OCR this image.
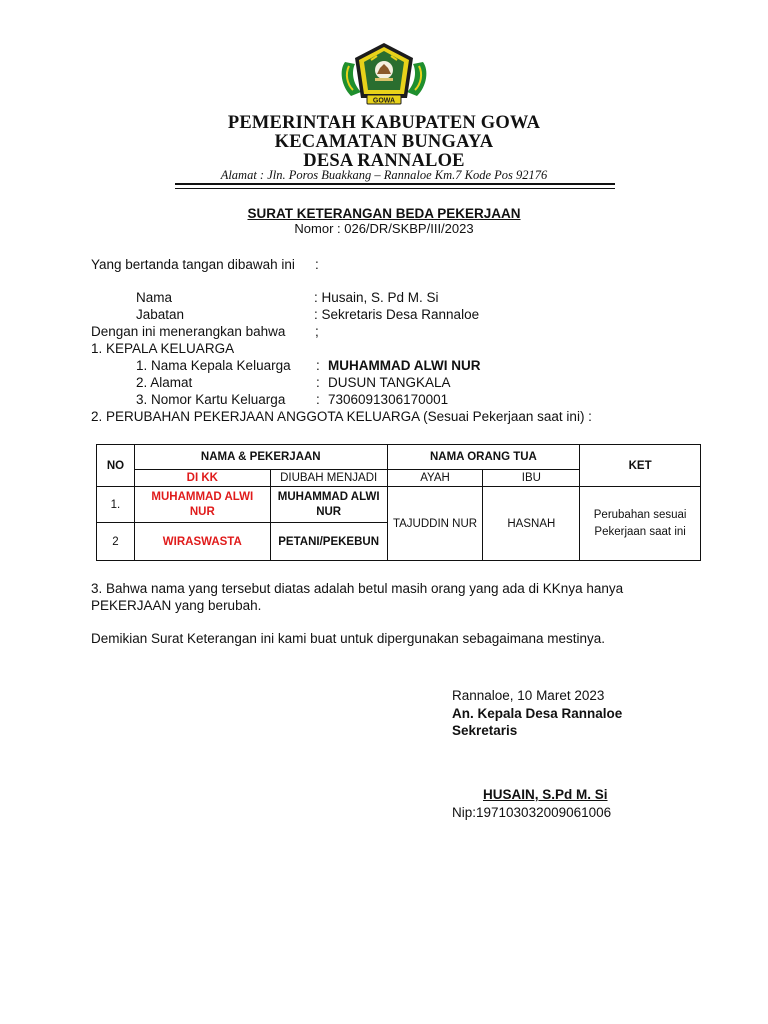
GOWA
PEMERINTAH KABUPATEN GOWA
KECAMATAN BUNGAYA
DESA RANNALOE
Alamat : Jln. Poros Buakkang – Rannaloe Km.7 Kode Pos 92176
SURAT KETERANGAN BEDA PEKERJAAN
Nomor : 026/DR/SKBP/III/2023
Yang bertanda tangan dibawah ini :
Nama	: Husain, S. Pd M. Si
Jabatan	: Sekretaris Desa Rannaloe
Dengan ini menerangkan bahwa ;
1. KEPALA KELUARGA
1. Nama Kepala Keluarga : MUHAMMAD ALWI NUR
2. Alamat	: DUSUN TANGKALA
3. Nomor Kartu Keluarga : 7306091306170001
2. PERUBAHAN PEKERJAAN ANGGOTA KELUARGA (Sesuai Pekerjaan saat ini) :
NO	NAMA & PEKERJAAN		NAMA ORANG TUA		KET
	DI KK	DIUBAH MENJADI	AYAH	IBU	
1.	MUHAMMAD ALWI NUR	MUHAMMAD ALWI NUR	TAJUDDIN NUR	HASNAH	Perubahan sesuai Pekerjaan saat ini
2	WIRASWASTA	PETANI/PEKEBUN			
3. Bahwa nama yang tersebut diatas adalah betul masih orang yang ada di KKnya hanya
PEKERJAAN yang berubah.
Demikian Surat Keterangan ini kami buat untuk dipergunakan sebagaimana mestinya.
Rannaloe, 10 Maret 2023
An. Kepala Desa Rannaloe
Sekretaris
HUSAIN, S.Pd M. Si
Nip:197103032009061006
